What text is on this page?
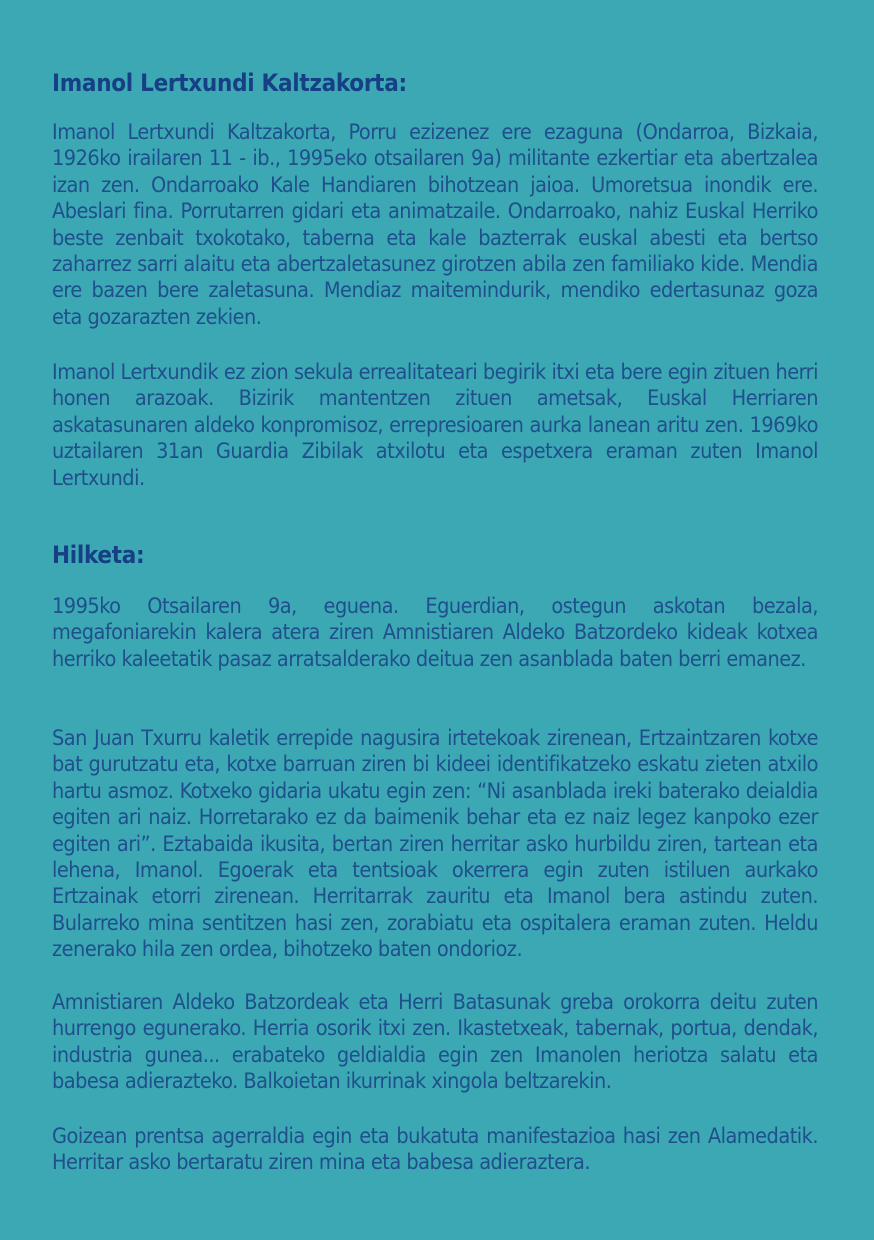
Imanol Lertxundi Kaltzakorta:

Imanol Lertxundi Kaltzakorta, Porru ezizenez ere ezaguna (Ondarroa, Bizkaia, 1926ko irailaren 11 - ib., 1995eko otsailaren 9a) militante ezkertiar eta abertzalea izan zen. Ondarroako Kale Handiaren bihotzean jaioa. Umoretsua inondik ere. Abeslari fina. Porrutarren gidari eta animatzaile. Ondarroako, nahiz Euskal Herriko beste zenbait txokotako, taberna eta kale bazterrak euskal abesti eta bertso zaharrez sarri alaitu eta abertzaletasunez girotzen abila zen familiako kide. Mendia ere bazen bere zaletasuna. Mendiaz maitemindurik, mendiko edertasunaz goza eta gozarazten zekien.

Imanol Lertxundik ez zion sekula errealitateari begirik itxi eta bere egin zituen herri honen arazoak. Bizirik mantentzen zituen ametsak, Euskal Herriaren askatasunaren aldeko konpromisoz, errepresioaren aurka lanean aritu zen. 1969ko uztailaren 31an Guardia Zibilak atxilotu eta espetxera eraman zuten Imanol Lertxundi.

Hilketa:

1995ko Otsailaren 9a, eguena. Eguerdian, ostegun askotan bezala, megafoniarekin kalera atera ziren Amnistiaren Aldeko Batzordeko kideak kotxea herriko kaleetatik pasaz arratsalderako deitua zen asanblada baten berri emanez.

San Juan Txurru kaletik errepide nagusira irtetekoak zirenean, Ertzaintzaren kotxe bat gurutzatu eta, kotxe barruan ziren bi kideei identifikatzeko eskatu zieten atxilo hartu asmoz. Kotxeko gidaria ukatu egin zen: “Ni asanblada ireki baterako deialdia egiten ari naiz. Horretarako ez da baimenik behar eta ez naiz legez kanpoko ezer egiten ari”. Eztabaida ikusita, bertan ziren herritar asko hurbildu ziren, tartean eta lehena, Imanol. Egoerak eta tentsioak okerrera egin zuten istiluen aurkako Ertzainak etorri zirenean. Herritarrak zauritu eta Imanol bera astindu zuten. Bularreko mina sentitzen hasi zen, zorabiatu eta ospitalera eraman zuten. Heldu zenerako hila zen ordea, bihotzeko baten ondorioz.

Amnistiaren Aldeko Batzordeak eta Herri Batasunak greba orokorra deitu zuten hurrengo egunerako. Herria osorik itxi zen. Ikastetxeak, tabernak, portua, dendak, industria gunea... erabateko geldialdia egin zen Imanolen heriotza salatu eta babesa adierazteko. Balkoietan ikurrinak xingola beltzarekin.

Goizean prentsa agerraldia egin eta bukatuta manifestazioa hasi zen Alamedatik. Herritar asko bertaratu ziren mina eta babesa adieraztera.
